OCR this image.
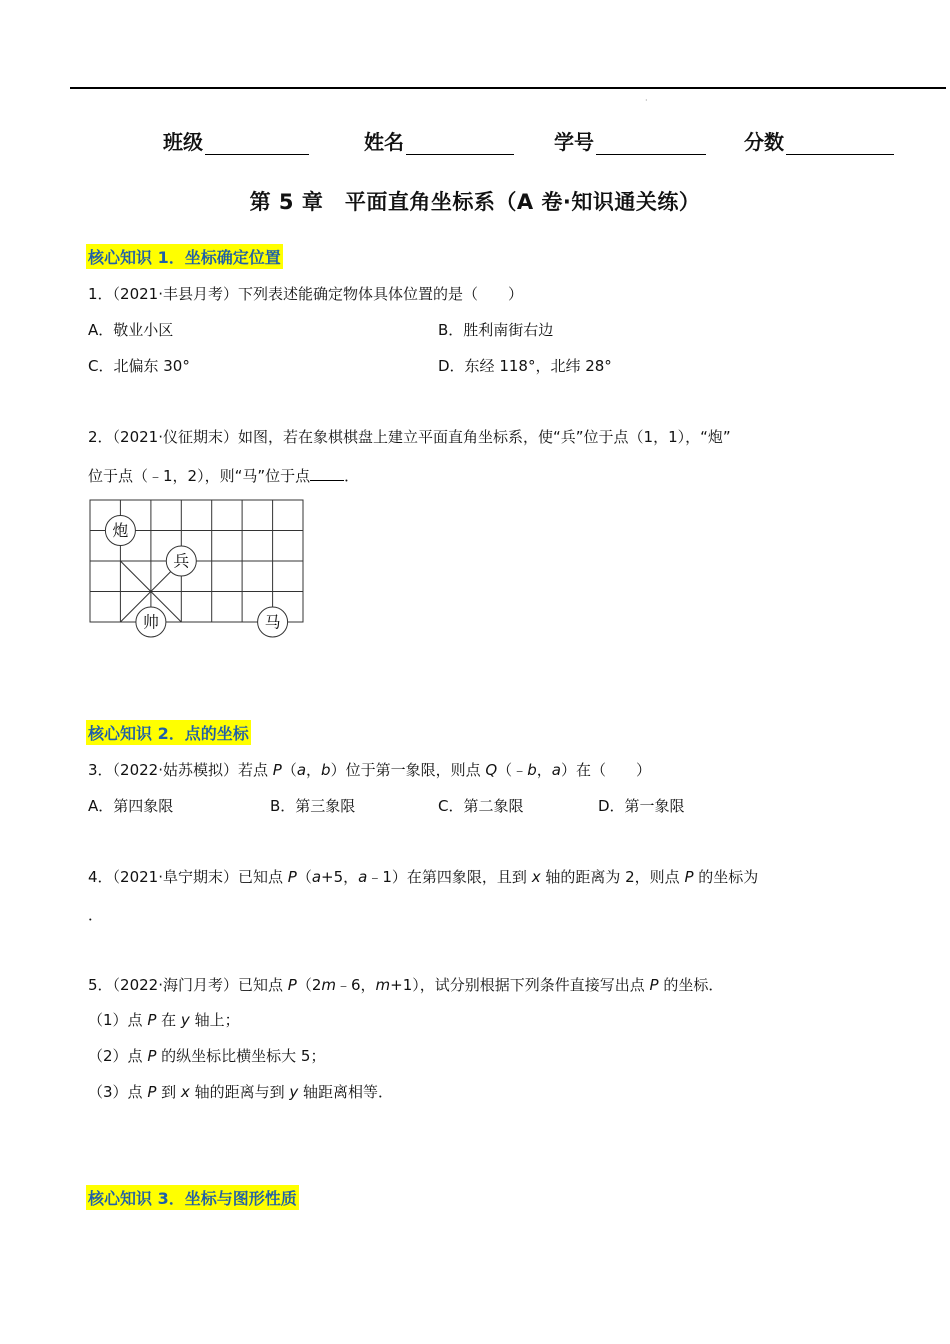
·
班级	姓名	学号	分数
第 5 章　平面直角坐标系（A 卷·知识通关练）
核心知识 1．坐标确定位置
1．（2021·丰县月考）下列表述能确定物体具体位置的是（　　）
A．敬业小区	B．胜利南街右边
C．北偏东 30°	D．东经 118°，北纬 28°
2．（2021·仪征期末）如图，若在象棋棋盘上建立平面直角坐标系，使“兵”位于点（1，1），“炮”
位于点（﹣1，2），则“马”位于点 ．
炮
兵
帅	马
核心知识 2．点的坐标
3．（2022·姑苏模拟）若点 P（a，b）位于第一象限，则点 Q（﹣b，a）在（　　）
A．第四象限	B．第三象限	C．第二象限	D．第一象限
4．（2021·阜宁期末）已知点 P（a+5，a﹣1）在第四象限，且到 x 轴的距离为 2，则点 P 的坐标为
．
5．（2022·海门月考）已知点 P（2m﹣6，m+1），试分别根据下列条件直接写出点 P 的坐标．
（1）点 P 在 y 轴上；
（2）点 P 的纵坐标比横坐标大 5；
（3）点 P 到 x 轴的距离与到 y 轴距离相等．
核心知识 3．坐标与图形性质
